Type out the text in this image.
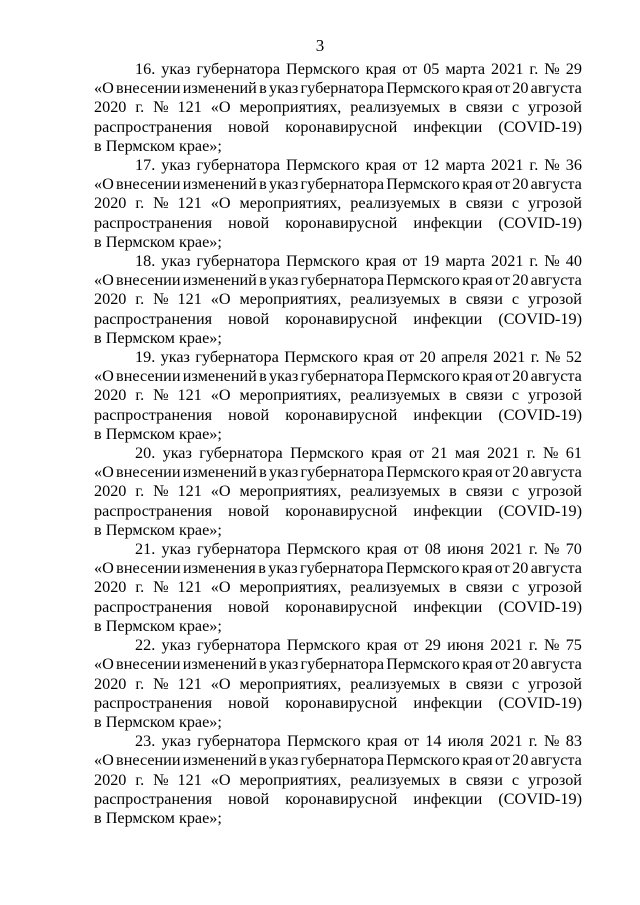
3

16. указ губернатора Пермского края от 05 марта 2021 г. № 29
«О внесении изменений в указ губернатора Пермского края от 20 августа
2020 г. № 121 «О мероприятиях, реализуемых в связи с угрозой
распространения новой коронавирусной инфекции (COVID-19)
в Пермском крае»;

17. указ губернатора Пермского края от 12 марта 2021 г. № 36
«О внесении изменений в указ губернатора Пермского края от 20 августа
2020 г. № 121 «О мероприятиях, реализуемых в связи с угрозой
распространения новой коронавирусной инфекции (COVID-19)
в Пермском крае»;

18. указ губернатора Пермского края от 19 марта 2021 г. № 40
«О внесении изменений в указ губернатора Пермского края от 20 августа
2020 г. № 121 «О мероприятиях, реализуемых в связи с угрозой
распространения новой коронавирусной инфекции (COVID-19)
в Пермском крае»;

19. указ губернатора Пермского края от 20 апреля 2021 г. № 52
«О внесении изменений в указ губернатора Пермского края от 20 августа
2020 г. № 121 «О мероприятиях, реализуемых в связи с угрозой
распространения новой коронавирусной инфекции (COVID-19)
в Пермском крае»;

20. указ губернатора Пермского края от 21 мая 2021 г. № 61
«О внесении изменений в указ губернатора Пермского края от 20 августа
2020 г. № 121 «О мероприятиях, реализуемых в связи с угрозой
распространения новой коронавирусной инфекции (COVID-19)
в Пермском крае»;

21. указ губернатора Пермского края от 08 июня 2021 г. № 70
«О внесении изменения в указ губернатора Пермского края от 20 августа
2020 г. № 121 «О мероприятиях, реализуемых в связи с угрозой
распространения новой коронавирусной инфекции (COVID-19)
в Пермском крае»;

22. указ губернатора Пермского края от 29 июня 2021 г. № 75
«О внесении изменений в указ губернатора Пермского края от 20 августа
2020 г. № 121 «О мероприятиях, реализуемых в связи с угрозой
распространения новой коронавирусной инфекции (COVID-19)
в Пермском крае»;

23. указ губернатора Пермского края от 14 июля 2021 г. № 83
«О внесении изменений в указ губернатора Пермского края от 20 августа
2020 г. № 121 «О мероприятиях, реализуемых в связи с угрозой
распространения новой коронавирусной инфекции (COVID-19)
в Пермском крае»;
